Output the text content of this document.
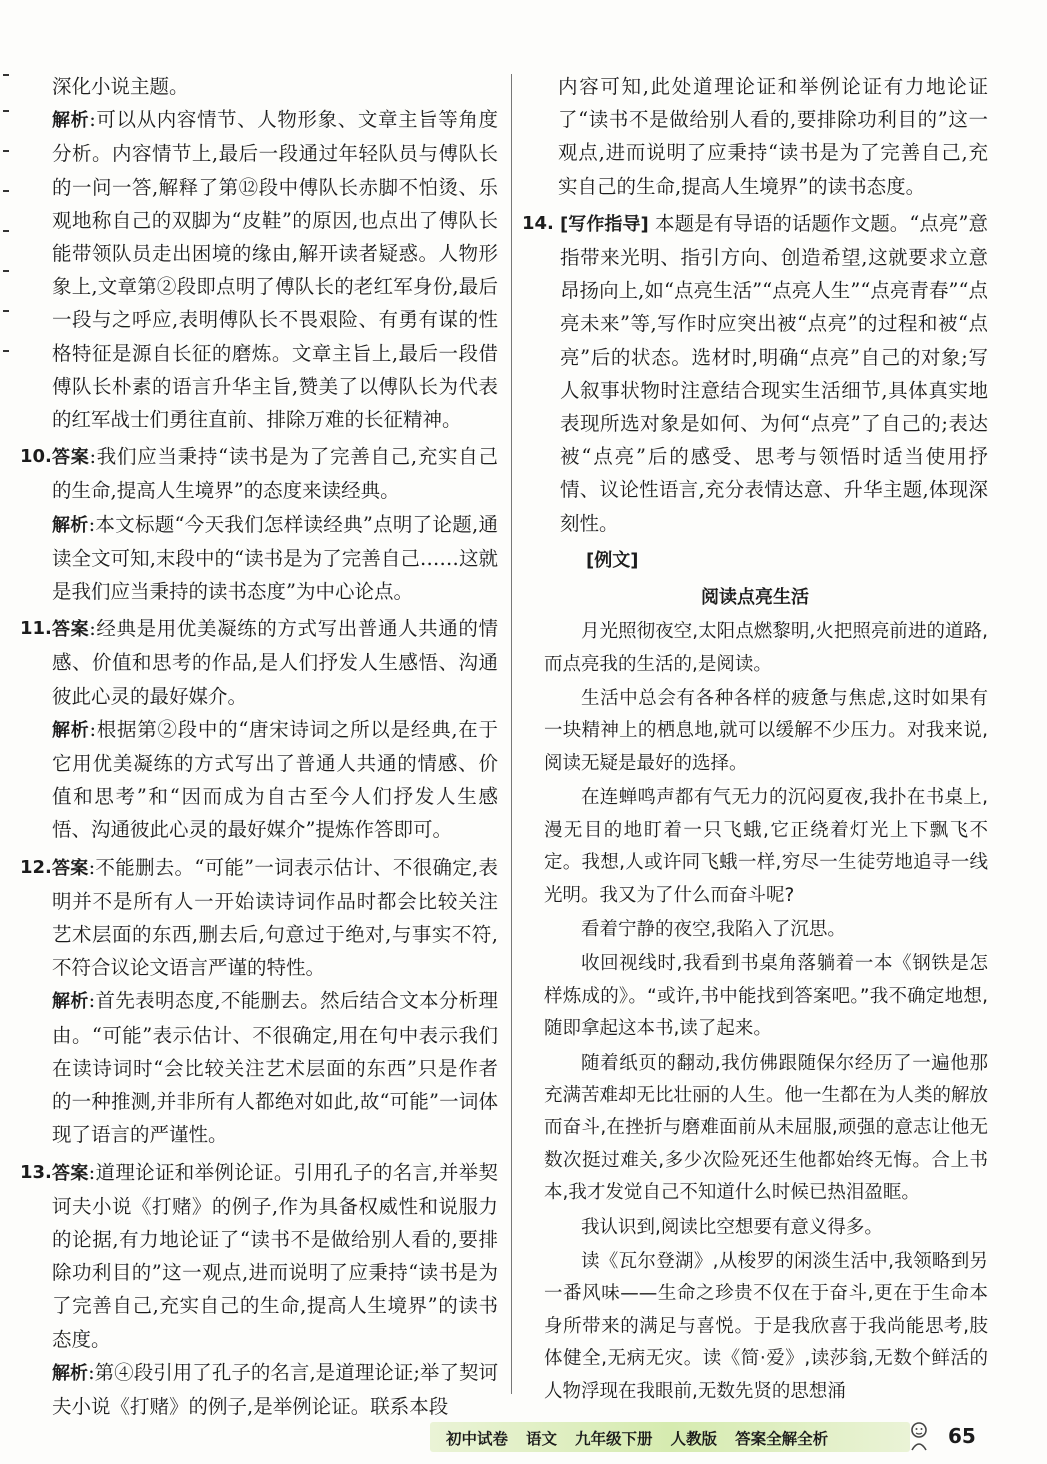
深化小说主题。

解析:可以从内容情节、人物形象、文章主旨等角度分析。内容情节上,最后一段通过年轻队员与傅队长的一问一答,解释了第⑫段中傅队长赤脚不怕烫、乐观地称自己的双脚为“皮鞋”的原因,也点出了傅队长能带领队员走出困境的缘由,解开读者疑惑。人物形象上,文章第②段即点明了傅队长的老红军身份,最后一段与之呼应,表明傅队长不畏艰险、有勇有谋的性格特征是源自长征的磨炼。文章主旨上,最后一段借傅队长朴素的语言升华主旨,赞美了以傅队长为代表的红军战士们勇往直前、排除万难的长征精神。

10. 答案:我们应当秉持“读书是为了完善自己,充实自己的生命,提高人生境界”的态度来读经典。

解析:本文标题“今天我们怎样读经典”点明了论题,通读全文可知,末段中的“读书是为了完善自己……这就是我们应当秉持的读书态度”为中心论点。

11. 答案:经典是用优美凝练的方式写出普通人共通的情感、价值和思考的作品,是人们抒发人生感悟、沟通彼此心灵的最好媒介。

解析:根据第②段中的“唐宋诗词之所以是经典,在于它用优美凝练的方式写出了普通人共通的情感、价值和思考”和“因而成为自古至今人们抒发人生感悟、沟通彼此心灵的最好媒介”提炼作答即可。

12. 答案:不能删去。“可能”一词表示估计、不很确定,表明并不是所有人一开始读诗词作品时都会比较关注艺术层面的东西,删去后,句意过于绝对,与事实不符,不符合议论文语言严谨的特性。

解析:首先表明态度,不能删去。然后结合文本分析理由。“可能”表示估计、不很确定,用在句中表示我们在读诗词时“会比较关注艺术层面的东西”只是作者的一种推测,并非所有人都绝对如此,故“可能”一词体现了语言的严谨性。

13. 答案:道理论证和举例论证。引用孔子的名言,并举契诃夫小说《打赌》的例子,作为具备权威性和说服力的论据,有力地论证了“读书不是做给别人看的,要排除功利目的”这一观点,进而说明了应秉持“读书是为了完善自己,充实自己的生命,提高人生境界”的读书态度。

解析:第④段引用了孔子的名言,是道理论证;举了契诃夫小说《打赌》的例子,是举例论证。联系本段

内容可知,此处道理论证和举例论证有力地论证了“读书不是做给别人看的,要排除功利目的”这一观点,进而说明了应秉持“读书是为了完善自己,充实自己的生命,提高人生境界”的读书态度。

14. [写作指导] 本题是有导语的话题作文题。“点亮”意指带来光明、指引方向、创造希望,这就要求立意昂扬向上,如“点亮生活”“点亮人生”“点亮青春”“点亮未来”等,写作时应突出被“点亮”的过程和被“点亮”后的状态。选材时,明确“点亮”自己的对象;写人叙事状物时注意结合现实生活细节,具体真实地表现所选对象是如何、为何“点亮”了自己的;表达被“点亮”后的感受、思考与领悟时适当使用抒情、议论性语言,充分表情达意、升华主题,体现深刻性。

[例文]

阅读点亮生活

月光照彻夜空,太阳点燃黎明,火把照亮前进的道路,而点亮我的生活的,是阅读。

生活中总会有各种各样的疲惫与焦虑,这时如果有一块精神上的栖息地,就可以缓解不少压力。对我来说,阅读无疑是最好的选择。

在连蝉鸣声都有气无力的沉闷夏夜,我扑在书桌上,漫无目的地盯着一只飞蛾,它正绕着灯光上下飘飞不定。我想,人或许同飞蛾一样,穷尽一生徒劳地追寻一线光明。我又为了什么而奋斗呢?

看着宁静的夜空,我陷入了沉思。

收回视线时,我看到书桌角落躺着一本《钢铁是怎样炼成的》。“或许,书中能找到答案吧。”我不确定地想,随即拿起这本书,读了起来。

随着纸页的翻动,我仿佛跟随保尔经历了一遍他那充满苦难却无比壮丽的人生。他一生都在为人类的解放而奋斗,在挫折与磨难面前从未屈服,顽强的意志让他无数次挺过难关,多少次险死还生他都始终无悔。合上书本,我才发觉自己不知道什么时候已热泪盈眶。

我认识到,阅读比空想要有意义得多。

读《瓦尔登湖》,从梭罗的闲淡生活中,我领略到另一番风味——生命之珍贵不仅在于奋斗,更在于生命本身所带来的满足与喜悦。于是我欣喜于我尚能思考,肢体健全,无病无灾。读《简·爱》,读莎翁,无数个鲜活的人物浮现在我眼前,无数先贤的思想涌

初中试卷 语文 九年级下册 人教版 答案全解全析	65
